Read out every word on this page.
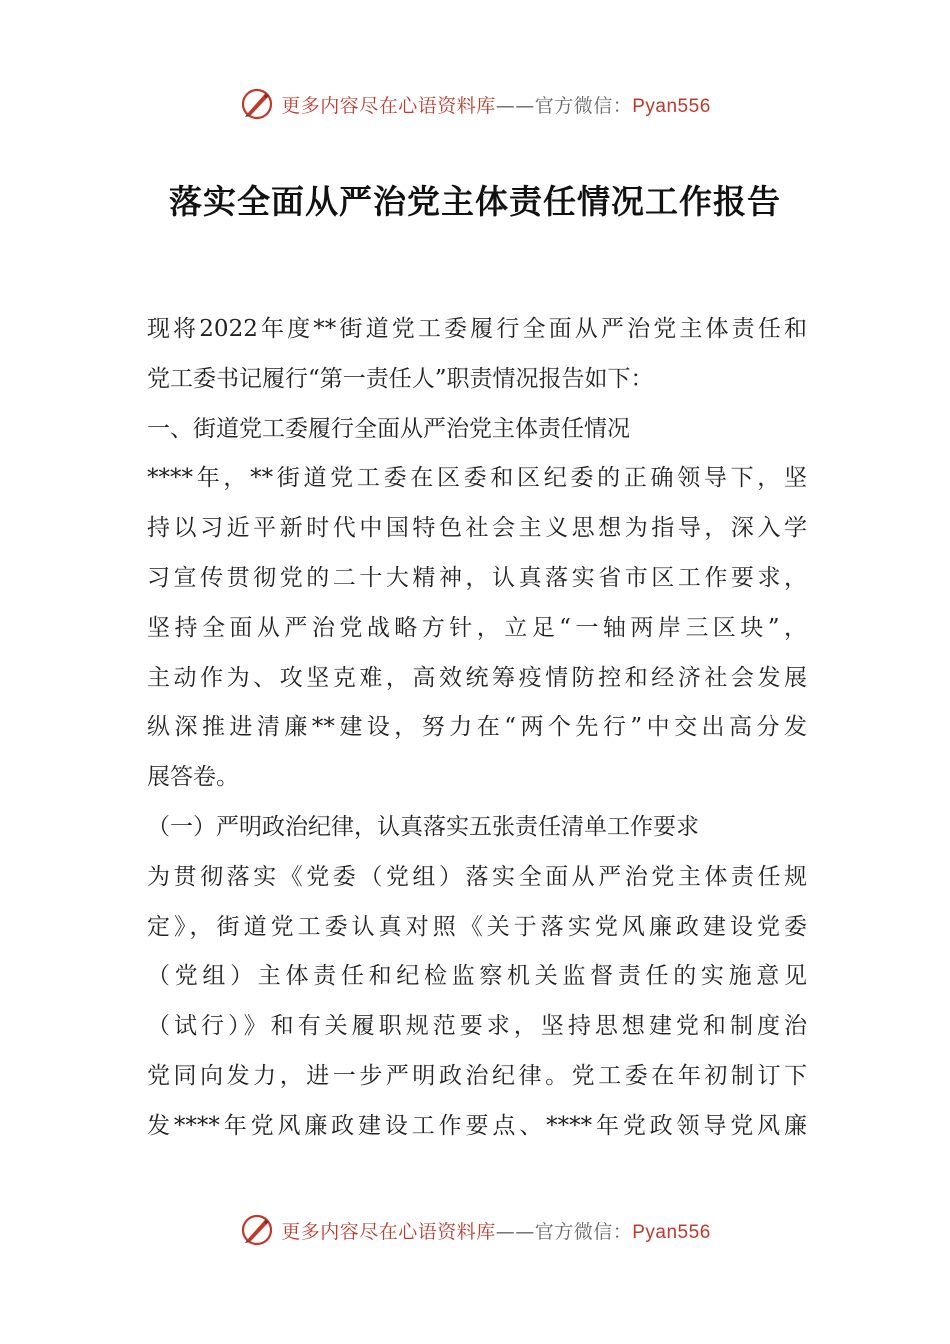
更多内容尽在心语资料库——官方微信：Pyan556
落实全面从严治党主体责任情况工作报告
现将2022年度**街道党工委履行全面从严治党主体责任和
党工委书记履行“第一责任人”职责情况报告如下：
一、街道党工委履行全面从严治党主体责任情况
****年，**街道党工委在区委和区纪委的正确领导下，坚
持以习近平新时代中国特色社会主义思想为指导，深入学
习宣传贯彻党的二十大精神，认真落实省市区工作要求，
坚持全面从严治党战略方针，立足“一轴两岸三区块”，
主动作为、攻坚克难，高效统筹疫情防控和经济社会发展
纵深推进清廉**建设，努力在“两个先行”中交出高分发
展答卷。
（一）严明政治纪律，认真落实五张责任清单工作要求
为贯彻落实《党委（党组）落实全面从严治党主体责任规
定》，街道党工委认真对照《关于落实党风廉政建设党委
（党组）主体责任和纪检监察机关监督责任的实施意见
（试行）》和有关履职规范要求，坚持思想建党和制度治
党同向发力，进一步严明政治纪律。党工委在年初制订下
发****年党风廉政建设工作要点、****年党政领导党风廉
更多内容尽在心语资料库——官方微信：Pyan556
